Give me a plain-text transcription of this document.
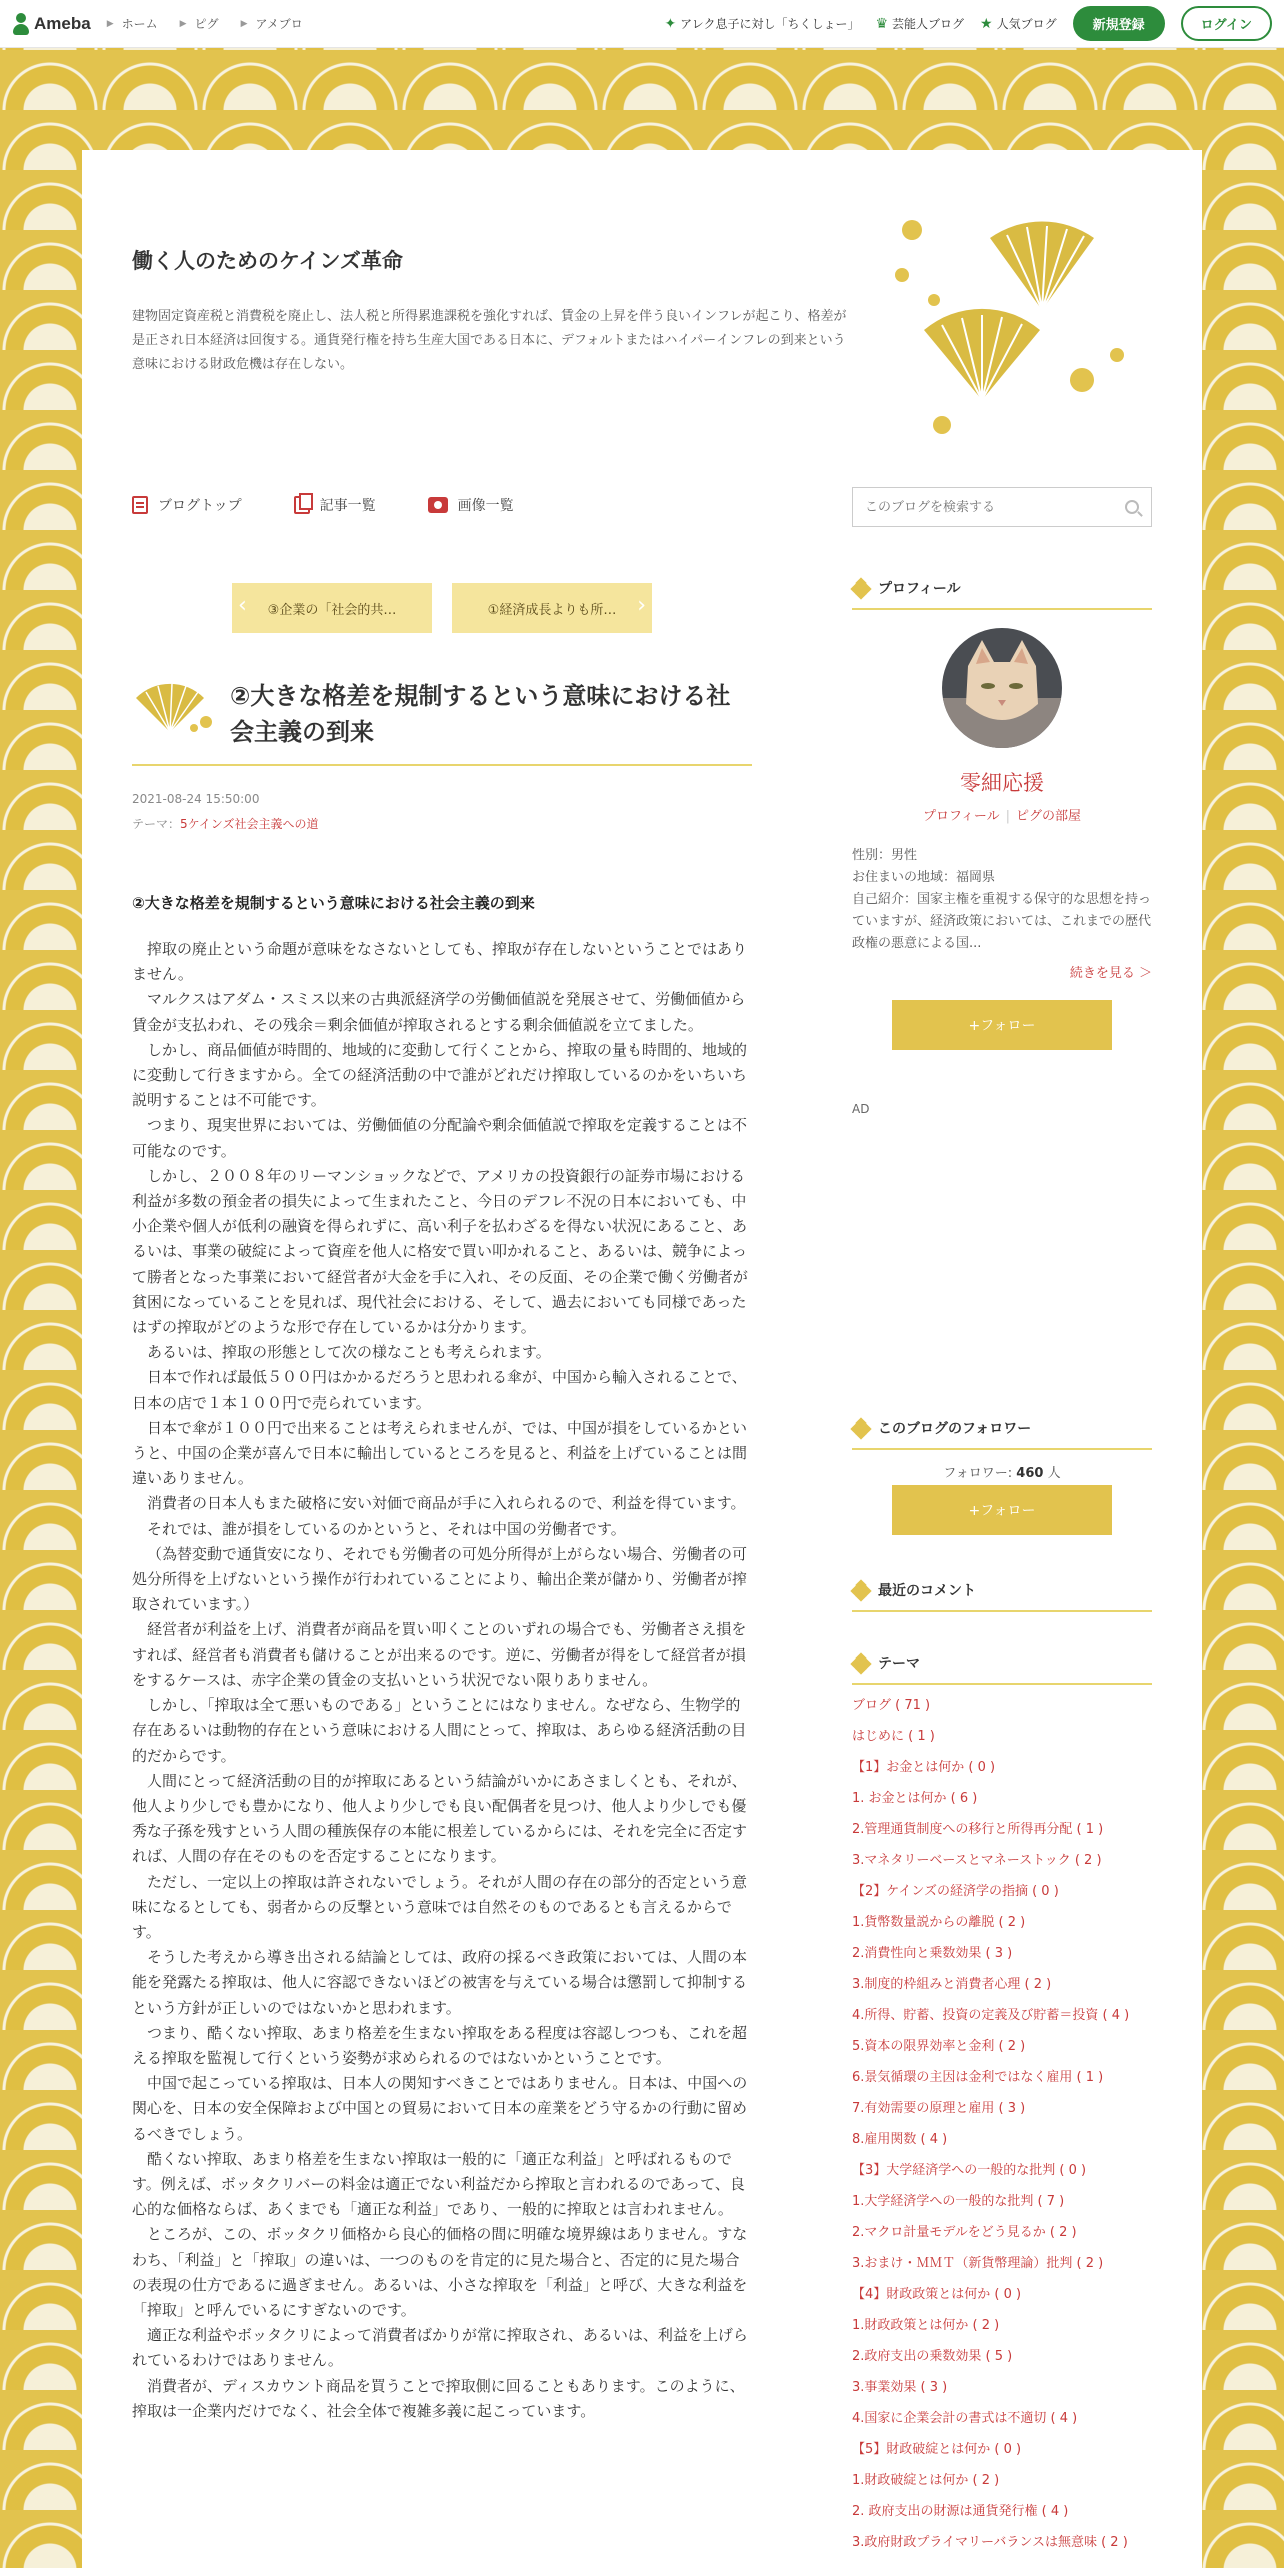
Ameba ▶ ホーム ▶ ピグ ▶ アメブロ	✦ アレク息子に対し「ちくしょー」 ♛ 芸能人ブログ ★ 人気ブログ	新規登録	ログイン
働く人のためのケインズ革命
建物固定資産税と消費税を廃止し、法人税と所得累進課税を強化すれば、賃金の上昇を伴う良いインフレが起こり、格差が是正され日本経済は回復する。通貨発行権を持ち生産大国である日本に、デフォルトまたはハイパーインフレの到来という意味における財政危機は存在しない。
ブログトップ	記事一覧	画像一覧
このブログを検索する
‹ ③企業の「社会的共…	①経済成長よりも所… ›
②大きな格差を規制するという意味における社会主義の到来
2021-08-24 15:50:00
テーマ：5ケインズ社会主義への道
②大きな格差を規制するという意味における社会主義の到来

搾取の廃止という命題が意味をなさないとしても、搾取が存在しないということではありません。

マルクスはアダム・スミス以来の古典派経済学の労働価値説を発展させて、労働価値から賃金が支払われ、その残余＝剰余価値が搾取されるとする剰余価値説を立てました。

しかし、商品価値が時間的、地域的に変動して行くことから、搾取の量も時間的、地域的に変動して行きますから。全ての経済活動の中で誰がどれだけ搾取しているのかをいちいち説明することは不可能です。

つまり、現実世界においては、労働価値の分配論や剰余価値説で搾取を定義することは不可能なのです。

しかし、２００８年のリーマンショックなどで、アメリカの投資銀行の証券市場における利益が多数の預金者の損失によって生まれたこと、今日のデフレ不況の日本においても、中小企業や個人が低利の融資を得られずに、高い利子を払わざるを得ない状況にあること、あるいは、事業の破綻によって資産を他人に格安で買い叩かれること、あるいは、競争によって勝者となった事業において経営者が大金を手に入れ、その反面、その企業で働く労働者が貧困になっていることを見れば、現代社会における、そして、過去においても同様であったはずの搾取がどのような形で存在しているかは分かります。

あるいは、搾取の形態として次の様なことも考えられます。

日本で作れば最低５００円はかかるだろうと思われる傘が、中国から輸入されることで、日本の店で１本１００円で売られています。

日本で傘が１００円で出来ることは考えられませんが、では、中国が損をしているかというと、中国の企業が喜んで日本に輸出しているところを見ると、利益を上げていることは間違いありません。

消費者の日本人もまた破格に安い対価で商品が手に入れられるので、利益を得ています。

それでは、誰が損をしているのかというと、それは中国の労働者です。

（為替変動で通貨安になり、それでも労働者の可処分所得が上がらない場合、労働者の可処分所得を上げないという操作が行われていることにより、輸出企業が儲かり、労働者が搾取されています。）

経営者が利益を上げ、消費者が商品を買い叩くことのいずれの場合でも、労働者さえ損をすれば、経営者も消費者も儲けることが出来るのです。逆に、労働者が得をして経営者が損をするケースは、赤字企業の賃金の支払いという状況でない限りありません。

しかし、「搾取は全て悪いものである」ということにはなりません。なぜなら、生物学的存在あるいは動物的存在という意味における人間にとって、搾取は、あらゆる経済活動の目的だからです。

人間にとって経済活動の目的が搾取にあるという結論がいかにあさましくとも、それが、他人より少しでも豊かになり、他人より少しでも良い配偶者を見つけ、他人より少しでも優秀な子孫を残すという人間の種族保存の本能に根差しているからには、それを完全に否定すれば、人間の存在そのものを否定することになります。

ただし、一定以上の搾取は許されないでしょう。それが人間の存在の部分的否定という意味になるとしても、弱者からの反撃という意味では自然そのものであるとも言えるからです。

そうした考えから導き出される結論としては、政府の採るべき政策においては、人間の本能を発露たる搾取は、他人に容認できないほどの被害を与えている場合は懲罰して抑制するという方針が正しいのではないかと思われます。

つまり、酷くない搾取、あまり格差を生まない搾取をある程度は容認しつつも、これを超える搾取を監視して行くという姿勢が求められるのではないかということです。

中国で起こっている搾取は、日本人の関知すべきことではありません。日本は、中国への関心を、日本の安全保障および中国との貿易において日本の産業をどう守るかの行動に留めるべきでしょう。

酷くない搾取、あまり格差を生まない搾取は一般的に「適正な利益」と呼ばれるものです。例えば、ボッタクリバーの料金は適正でない利益だから搾取と言われるのであって、良心的な価格ならば、あくまでも「適正な利益」であり、一般的に搾取とは言われません。

ところが、この、ボッタクリ価格から良心的価格の間に明確な境界線はありません。すなわち、「利益」と「搾取」の違いは、一つのものを肯定的に見た場合と、否定的に見た場合の表現の仕方であるに過ぎません。あるいは、小さな搾取を「利益」と呼び、大きな利益を「搾取」と呼んでいるにすぎないのです。

適正な利益やボッタクリによって消費者ばかりが常に搾取され、あるいは、利益を上げられているわけではありません。

消費者が、ディスカウント商品を買うことで搾取側に回ることもあります。このように、搾取は一企業内だけでなく、社会全体で複雑多義に起こっています。

プロフィール
零細応援
プロフィール | ピグの部屋
性別：男性
お住まいの地域：福岡県
自己紹介：国家主権を重視する保守的な思想を持っていますが、経済政策においては、これまでの歴代政権の悪意による国...
続きを見る ＞
+フォロー
AD
このブログのフォロワー
フォロワー: 460 人
+フォロー
最近のコメント
テーマ
ブログ ( 71 )
はじめに ( 1 )
【1】お金とは何か ( 0 )
1. お金とは何か ( 6 )
2.管理通貨制度への移行と所得再分配 ( 1 )
3.マネタリーベースとマネーストック ( 2 )
【2】ケインズの経済学の指摘 ( 0 )
1.貨幣数量説からの離脱 ( 2 )
2.消費性向と乗数効果 ( 3 )
3.制度的枠組みと消費者心理 ( 2 )
4.所得、貯蓄、投資の定義及び貯蓄＝投資 ( 4 )
5.資本の限界効率と金利 ( 2 )
6.景気循環の主因は金利ではなく雇用 ( 1 )
7.有効需要の原理と雇用 ( 3 )
8.雇用関数 ( 4 )
【3】大学経済学への一般的な批判 ( 0 )
1.大学経済学への一般的な批判 ( 7 )
2.マクロ計量モデルをどう見るか ( 2 )
3.おまけ・ＭＭＴ（新貨幣理論）批判 ( 2 )
【4】財政政策とは何か ( 0 )
1.財政政策とは何か ( 2 )
2.政府支出の乗数効果 ( 5 )
3.事業効果 ( 3 )
4.国家に企業会計の書式は不適切 ( 4 )
【5】財政破綻とは何か ( 0 )
1.財政破綻とは何か ( 2 )
2. 政府支出の財源は通貨発行権 ( 4 )
3.政府財政プライマリーバランスは無意味 ( 2 )
